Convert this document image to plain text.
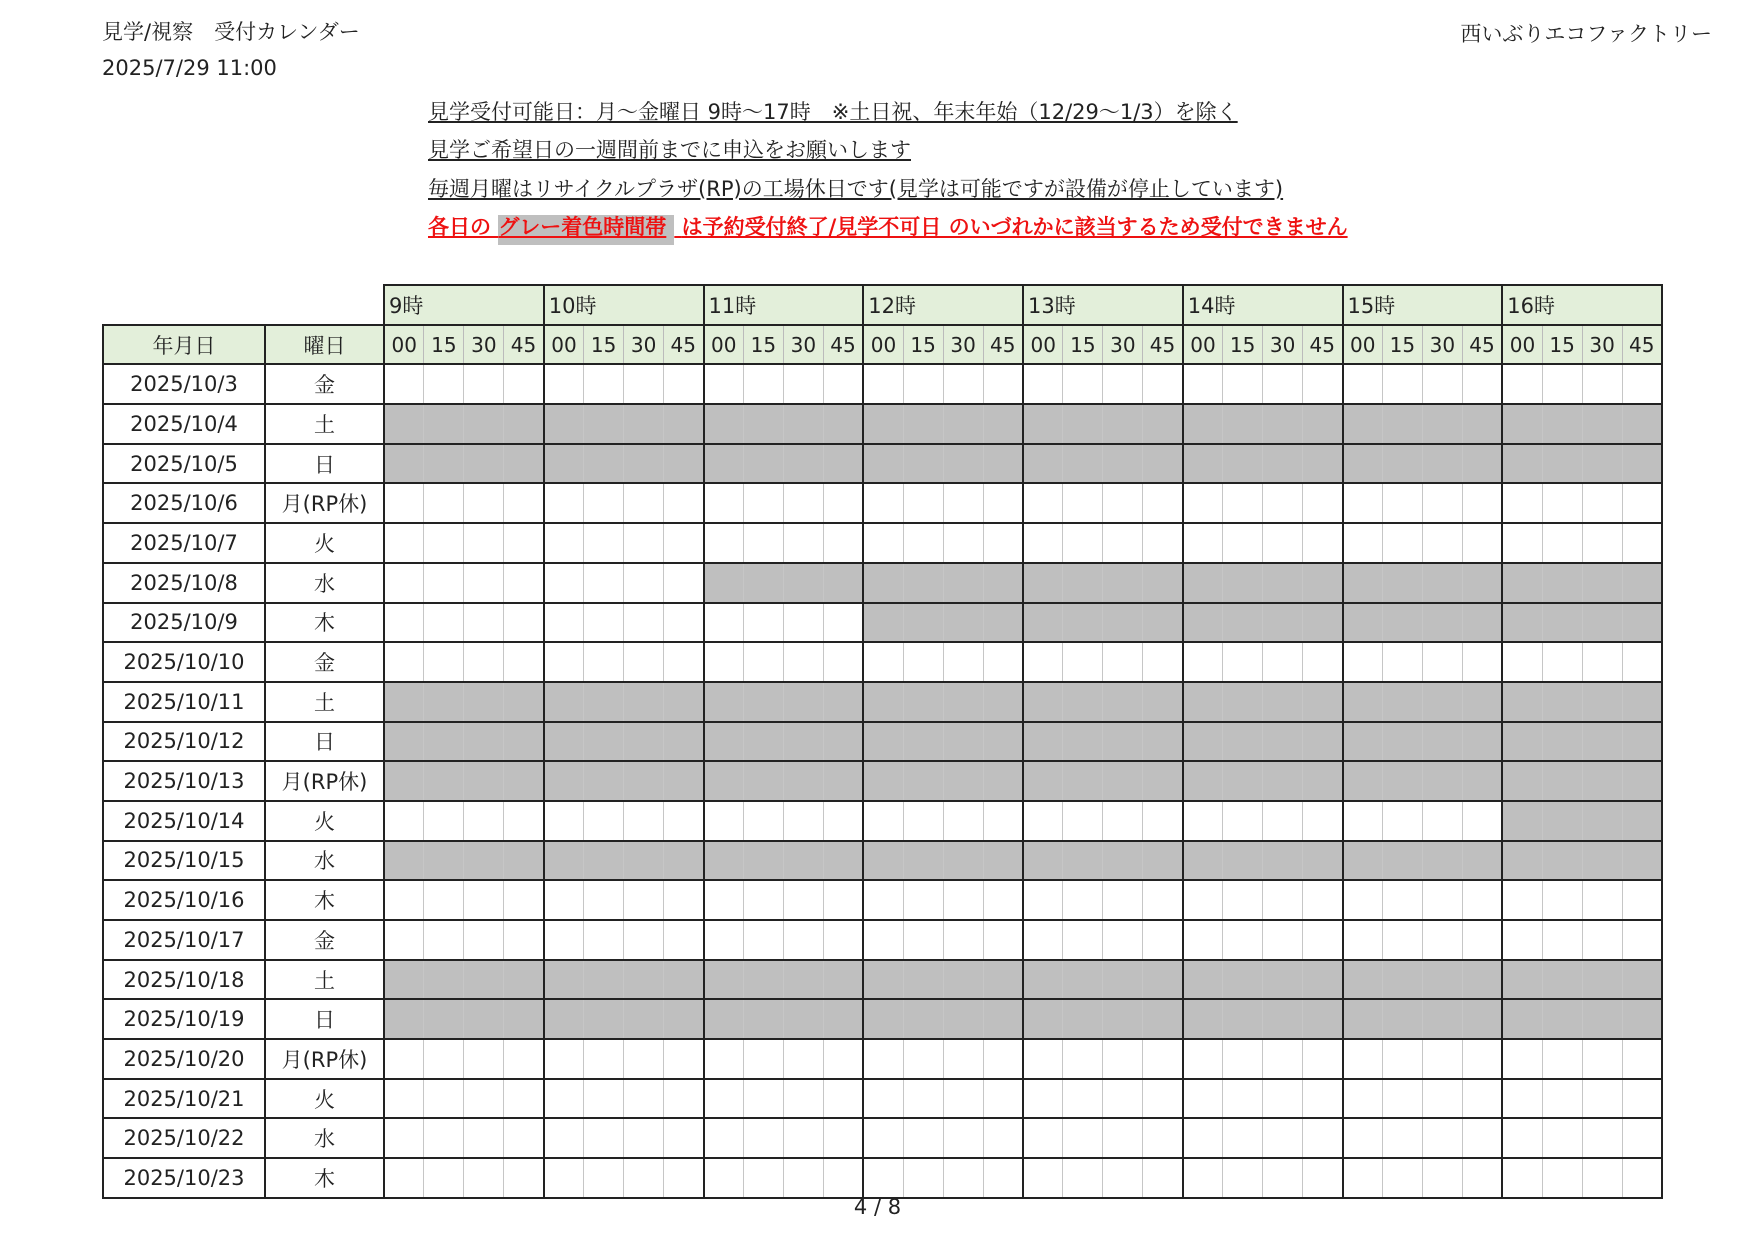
見学/視察　受付カレンダー
2025/7/29 11:00
西いぶりエコファクトリー
見学受付可能日：月～金曜日 9時～17時　※土日祝、年末年始（12/29～1/3）を除く
見学ご希望日の一週間前までに申込をお願いします
毎週月曜はリサイクルプラザ(RP)の工場休日です(見学は可能ですが設備が停止しています)
各日の グレー着色時間帯 は予約受付終了/見学不可日 のいづれかに該当するため受付できません
		9時				10時				11時				12時				13時				14時				15時				16時			
年月日	曜日	00	15	30	45	00	15	30	45	00	15	30	45	00	15	30	45	00	15	30	45	00	15	30	45	00	15	30	45	00	15	30	45
2025/10/3	金																																
2025/10/4	土																																
2025/10/5	日																																
2025/10/6	月(RP休)																																
2025/10/7	火																																
2025/10/8	水																																
2025/10/9	木																																
2025/10/10	金																																
2025/10/11	土																																
2025/10/12	日																																
2025/10/13	月(RP休)																																
2025/10/14	火																																
2025/10/15	水																																
2025/10/16	木																																
2025/10/17	金																																
2025/10/18	土																																
2025/10/19	日																																
2025/10/20	月(RP休)																																
2025/10/21	火																																
2025/10/22	水																																
2025/10/23	木																																
4 / 8
